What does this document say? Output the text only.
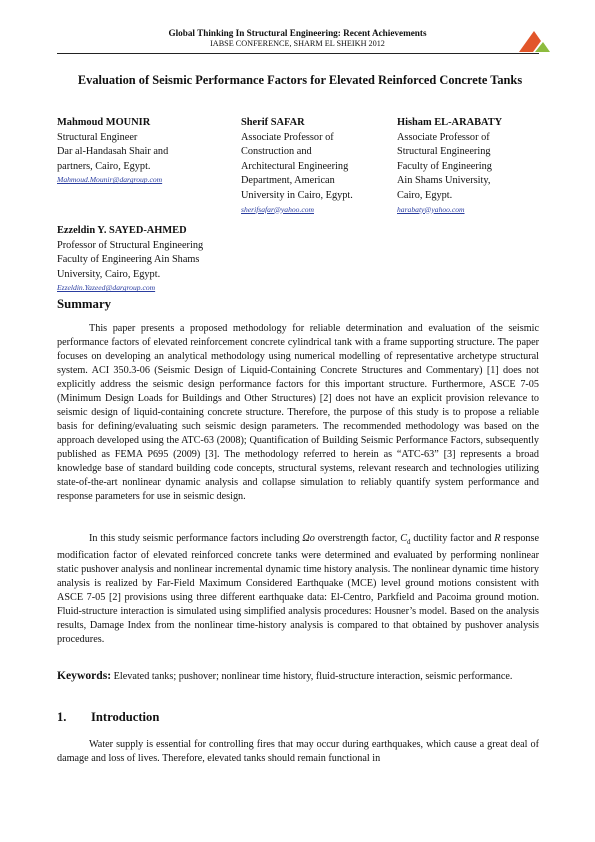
Global Thinking In Structural Engineering: Recent Achievements
IABSE CONFERENCE, SHARM EL SHEIKH 2012
Evaluation of Seismic Performance Factors for Elevated Reinforced Concrete Tanks
Mahmoud MOUNIR
Structural Engineer
Dar al-Handasah Shair and
partners, Cairo, Egypt.
Mahmoud.Mounir@dargroup.com
Sherif SAFAR
Associate Professor of
Construction and
Architectural Engineering
Department, American
University in Cairo, Egypt.
sherifsafar@yahoo.com
Hisham EL-ARABATY
Associate Professor of
Structural Engineering
Faculty of Engineering
Ain Shams University,
Cairo, Egypt.
harabaty@yahoo.com
Ezzeldin Y. SAYED-AHMED
Professor of Structural Engineering
Faculty of Engineering Ain Shams
University, Cairo, Egypt.
Ezzeldin.Yazeed@dargroup.com
Summary

This paper presents a proposed methodology for reliable determination and evaluation of the seismic performance factors of elevated reinforcement concrete cylindrical tank with a frame supporting structure. The paper focuses on developing an analytical methodology using numerical modelling of representative archetype structural system. ACI 350.3-06 (Seismic Design of Liquid-Containing Concrete Structures and Commentary) [1] does not explicitly address the seismic design performance factors for this important structure. Furthermore, ASCE 7-05 (Minimum Design Loads for Buildings and Other Structures) [2] does not have an explicit provision relevance to seismic design of liquid-containing concrete structure. Therefore, the purpose of this study is to propose a reliable basis for defining/evaluating such seismic design parameters. The recommended methodology was based on the approach developed using the ATC-63 (2008); Quantification of Building Seismic Performance Factors, subsequently published as FEMA P695 (2009) [3]. The methodology referred to herein as “ATC-63” [3] represents a broad knowledge base of standard building code concepts, structural systems, relevant research and technologies utilizing state-of-the-art nonlinear dynamic analysis and collapse simulation to reliably quantify system performance and response parameters for use in seismic design.

In this study seismic performance factors including Ωo overstrength factor, $C_d$ ductility factor and R response modification factor of elevated reinforced concrete tanks were determined and evaluated by performing nonlinear static pushover analysis and nonlinear incremental dynamic time history analysis. The nonlinear dynamic time history analysis is realized by Far-Field Maximum Considered Earthquake (MCE) level ground motions consistent with ASCE 7-05 [2] provisions using three different earthquake data: El-Centro, Parkfield and Pacoima ground motion. Fluid-structure interaction is simulated using simplified analysis procedures: Housner’s model. Based on the analysis results, Damage Index from the nonlinear time-history analysis is compared to that obtained by pushover analysis procedures.

Keywords: Elevated tanks; pushover; nonlinear time history, fluid-structure interaction, seismic performance.
1. Introduction

Water supply is essential for controlling fires that may occur during earthquakes, which cause a great deal of damage and loss of lives. Therefore, elevated tanks should remain functional in
